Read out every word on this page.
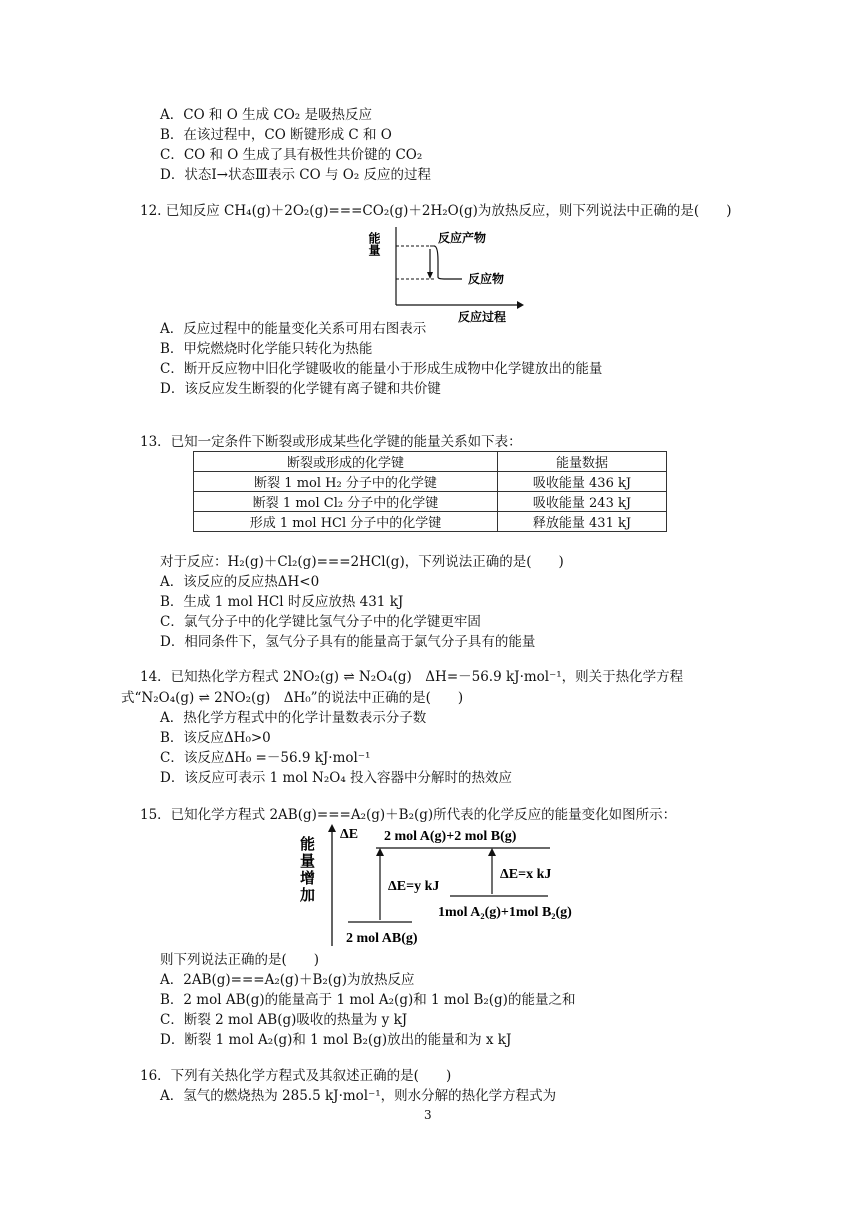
A．CO 和 O 生成 CO₂ 是吸热反应
B．在该过程中，CO 断键形成 C 和 O
C．CO 和 O 生成了具有极性共价键的 CO₂
D．状态Ⅰ→状态Ⅲ表示 CO 与 O₂ 反应的过程
12. 已知反应 CH₄(g)＋2O₂(g)===CO₂(g)＋2H₂O(g)为放热反应，则下列说法中正确的是(　　)
能量	反应产物
反应物
反应过程
A．反应过程中的能量变化关系可用右图表示
B．甲烷燃烧时化学能只转化为热能
C．断开反应物中旧化学键吸收的能量小于形成生成物中化学键放出的能量
D．该反应发生断裂的化学键有离子键和共价键
13．已知一定条件下断裂或形成某些化学键的能量关系如下表：
断裂或形成的化学键	能量数据
断裂 1 mol H₂ 分子中的化学键	吸收能量 436 kJ
断裂 1 mol Cl₂ 分子中的化学键	吸收能量 243 kJ
形成 1 mol HCl 分子中的化学键	释放能量 431 kJ
对于反应：H₂(g)＋Cl₂(g)===2HCl(g)，下列说法正确的是(　　)
A．该反应的反应热ΔH<0
B．生成 1 mol HCl 时反应放热 431 kJ
C．氯气分子中的化学键比氢气分子中的化学键更牢固
D．相同条件下，氢气分子具有的能量高于氯气分子具有的能量
14．已知热化学方程式 2NO₂(g) ⇌ N₂O₄(g)　ΔH=－56.9 kJ·mol⁻¹，则关于热化学方程
式“N₂O₄(g) ⇌ 2NO₂(g)　ΔH₀”的说法中正确的是(　　)
A．热化学方程式中的化学计量数表示分子数
B．该反应ΔH₀>0
C．该反应ΔH₀ =－56.9 kJ·mol⁻¹
D．该反应可表示 1 mol N₂O₄ 投入容器中分解时的热效应
15．已知化学方程式 2AB(g)===A₂(g)＋B₂(g)所代表的化学反应的能量变化如图所示：
能量增加
ΔE 2 mol A(g)+2 mol B(g)
ΔE=y kJ
2 mol AB(g)
ΔE=x kJ
1mol A₂(g)+1mol B₂(g)
则下列说法正确的是(　　)
A．2AB(g)===A₂(g)＋B₂(g)为放热反应
B．2 mol AB(g)的能量高于 1 mol A₂(g)和 1 mol B₂(g)的能量之和
C．断裂 2 mol AB(g)吸收的热量为 y kJ
D．断裂 1 mol A₂(g)和 1 mol B₂(g)放出的能量和为 x kJ
16．下列有关热化学方程式及其叙述正确的是(　　)
A．氢气的燃烧热为 285.5 kJ·mol⁻¹，则水分解的热化学方程式为
3
